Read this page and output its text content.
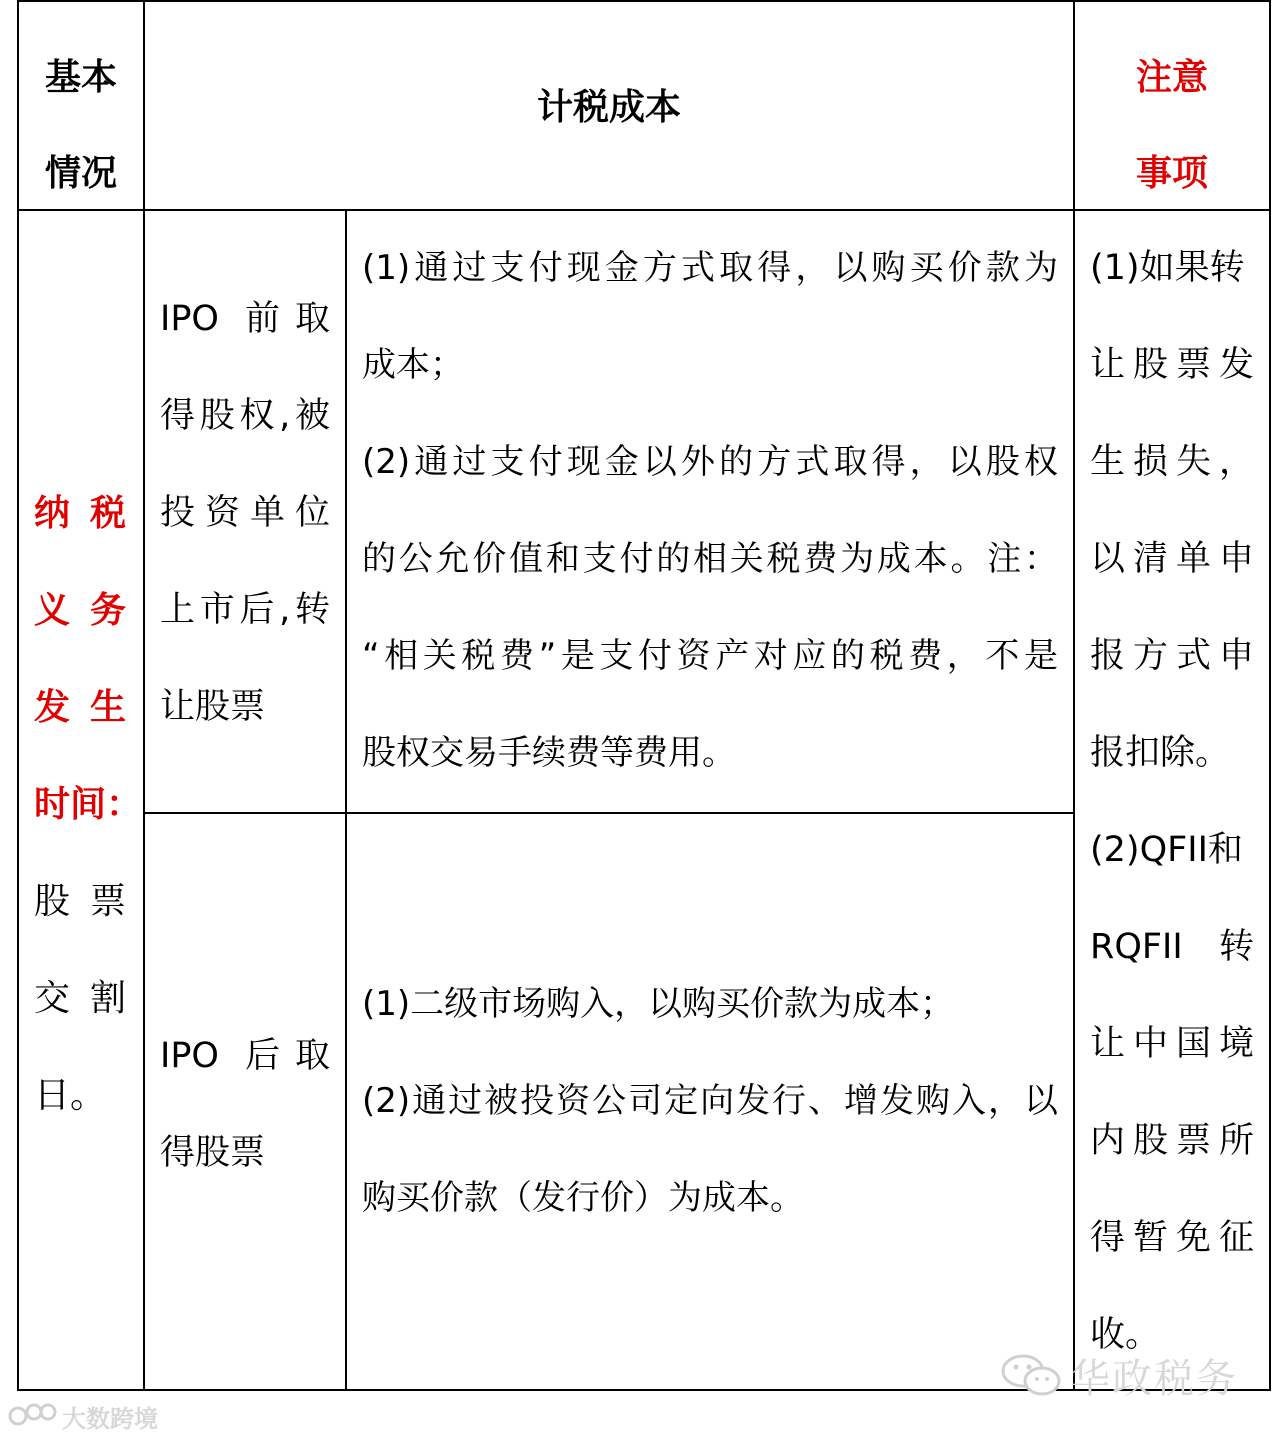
基本
情况
计税成本
注意
事项
纳税
义务
发生
时间：
股票
交割
日。
IPO 前取
得股权,被
投资单位
上市后,转
让股票
(1)通过支付现金方式取得，以购买价款为
成本；
(2)通过支付现金以外的方式取得，以股权
的公允价值和支付的相关税费为成本。注：
“相关税费”是支付资产对应的税费，不是
股权交易手续费等费用。
IPO 后取
得股票
(1)二级市场购入，以购买价款为成本；
(2)通过被投资公司定向发行、增发购入，以
购买价款（发行价）为成本。
(1)如果转
让股票发
生损失，
以清单申
报方式申
报扣除。
(2)QFII和
RQFII 转
让中国境
内股票所
得暂免征
收。
华政税务
大数跨境
